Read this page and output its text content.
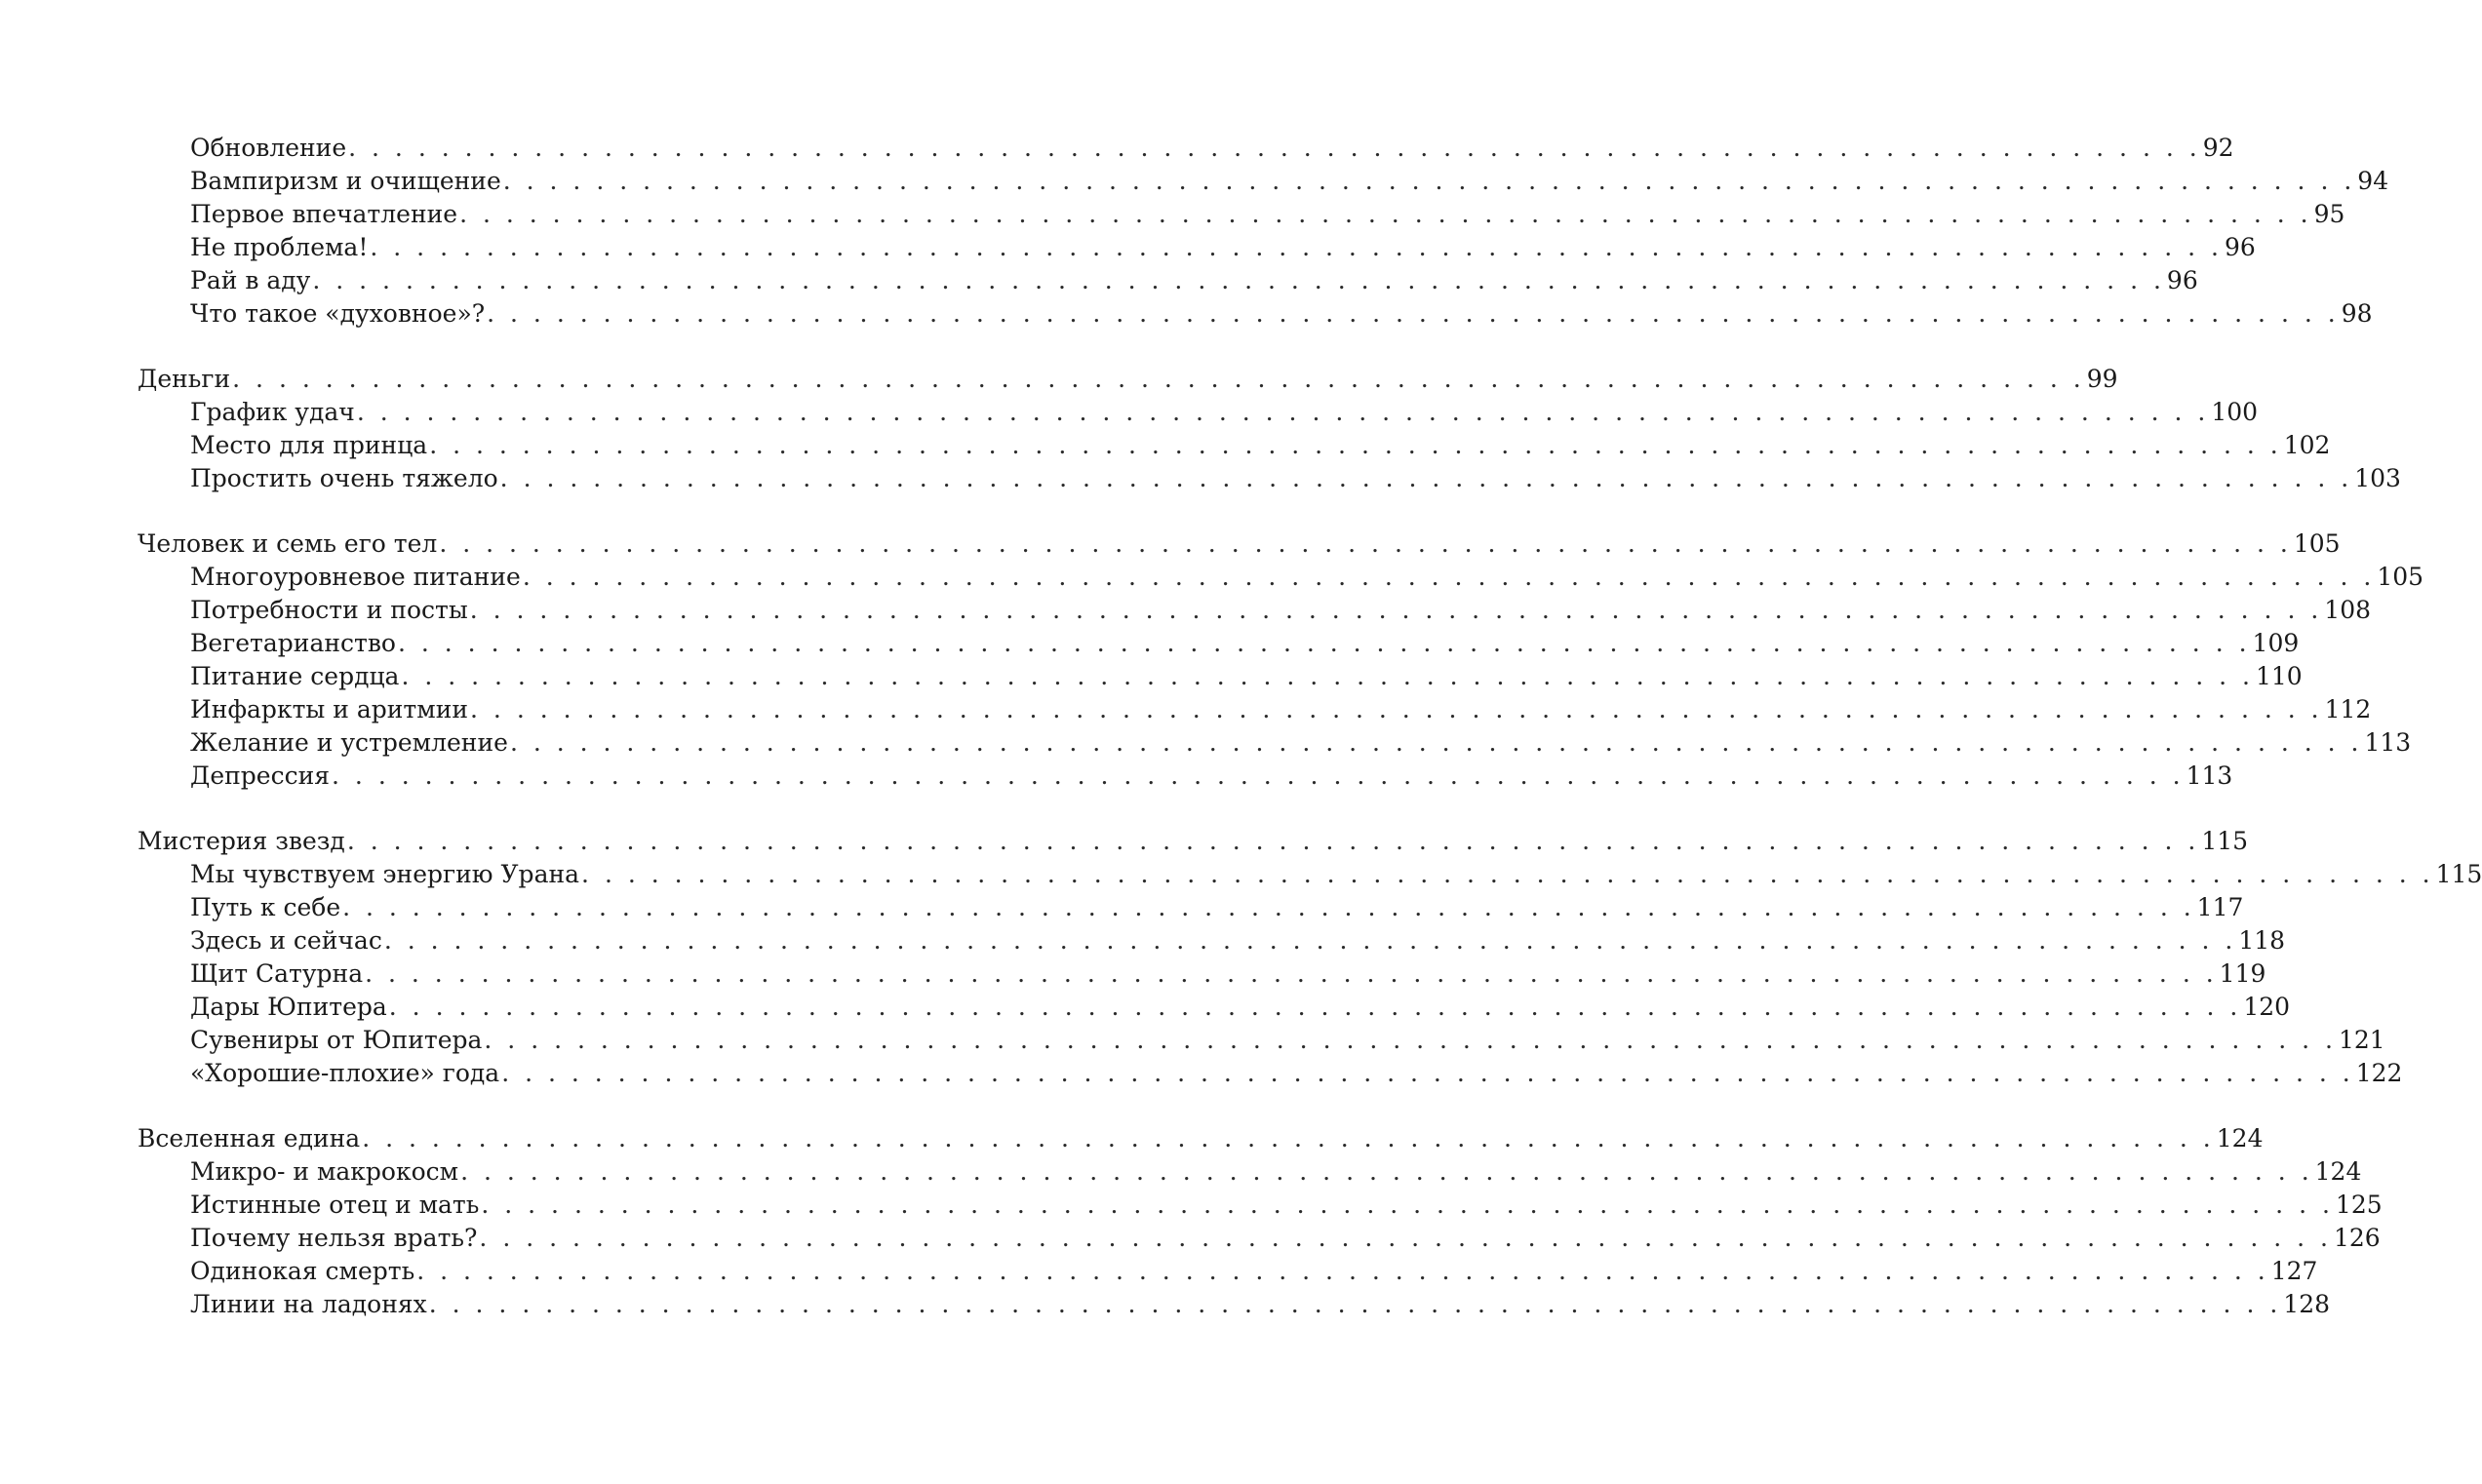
Обновление . . . . . . . . . . . . . . . . . . . . . . . . . . . . . . . . . . . . . . . . . . . . . . . . . . . . . . . . . . . . . . . . . . . . . . . . . . . . . . . . 92
Вампиризм и очищение . . . . . . . . . . . . . . . . . . . . . . . . . . . . . . . . . . . . . . . . . . . . . . . . . . . . . . . . . . . . . . . . . . . . . . . . . . . . . . . . 94
Первое впечатление . . . . . . . . . . . . . . . . . . . . . . . . . . . . . . . . . . . . . . . . . . . . . . . . . . . . . . . . . . . . . . . . . . . . . . . . . . . . . . . . 95
Не проблема! . . . . . . . . . . . . . . . . . . . . . . . . . . . . . . . . . . . . . . . . . . . . . . . . . . . . . . . . . . . . . . . . . . . . . . . . . . . . . . . . 96
Рай в аду . . . . . . . . . . . . . . . . . . . . . . . . . . . . . . . . . . . . . . . . . . . . . . . . . . . . . . . . . . . . . . . . . . . . . . . . . . . . . . . . 96
Что такое «духовное»? . . . . . . . . . . . . . . . . . . . . . . . . . . . . . . . . . . . . . . . . . . . . . . . . . . . . . . . . . . . . . . . . . . . . . . . . . . . . . . . . 98
Деньги . . . . . . . . . . . . . . . . . . . . . . . . . . . . . . . . . . . . . . . . . . . . . . . . . . . . . . . . . . . . . . . . . . . . . . . . . . . . . . . . 99
График удач . . . . . . . . . . . . . . . . . . . . . . . . . . . . . . . . . . . . . . . . . . . . . . . . . . . . . . . . . . . . . . . . . . . . . . . . . . . . . . . . 100
Место для принца . . . . . . . . . . . . . . . . . . . . . . . . . . . . . . . . . . . . . . . . . . . . . . . . . . . . . . . . . . . . . . . . . . . . . . . . . . . . . . . . 102
Простить очень тяжело . . . . . . . . . . . . . . . . . . . . . . . . . . . . . . . . . . . . . . . . . . . . . . . . . . . . . . . . . . . . . . . . . . . . . . . . . . . . . . . . 103
Человек и семь его тел . . . . . . . . . . . . . . . . . . . . . . . . . . . . . . . . . . . . . . . . . . . . . . . . . . . . . . . . . . . . . . . . . . . . . . . . . . . . . . . . 105
Многоуровневое питание . . . . . . . . . . . . . . . . . . . . . . . . . . . . . . . . . . . . . . . . . . . . . . . . . . . . . . . . . . . . . . . . . . . . . . . . . . . . . . . . 105
Потребности и посты . . . . . . . . . . . . . . . . . . . . . . . . . . . . . . . . . . . . . . . . . . . . . . . . . . . . . . . . . . . . . . . . . . . . . . . . . . . . . . . . 108
Вегетарианство . . . . . . . . . . . . . . . . . . . . . . . . . . . . . . . . . . . . . . . . . . . . . . . . . . . . . . . . . . . . . . . . . . . . . . . . . . . . . . . . 109
Питание сердца . . . . . . . . . . . . . . . . . . . . . . . . . . . . . . . . . . . . . . . . . . . . . . . . . . . . . . . . . . . . . . . . . . . . . . . . . . . . . . . . 110
Инфаркты и аритмии . . . . . . . . . . . . . . . . . . . . . . . . . . . . . . . . . . . . . . . . . . . . . . . . . . . . . . . . . . . . . . . . . . . . . . . . . . . . . . . . 112
Желание и устремление . . . . . . . . . . . . . . . . . . . . . . . . . . . . . . . . . . . . . . . . . . . . . . . . . . . . . . . . . . . . . . . . . . . . . . . . . . . . . . . . 113
Депрессия . . . . . . . . . . . . . . . . . . . . . . . . . . . . . . . . . . . . . . . . . . . . . . . . . . . . . . . . . . . . . . . . . . . . . . . . . . . . . . . . 113
Мистерия звезд . . . . . . . . . . . . . . . . . . . . . . . . . . . . . . . . . . . . . . . . . . . . . . . . . . . . . . . . . . . . . . . . . . . . . . . . . . . . . . . . 115
Мы чувствуем энергию Урана . . . . . . . . . . . . . . . . . . . . . . . . . . . . . . . . . . . . . . . . . . . . . . . . . . . . . . . . . . . . . . . . . . . . . . . . . . . . . . . . 115
Путь к себе . . . . . . . . . . . . . . . . . . . . . . . . . . . . . . . . . . . . . . . . . . . . . . . . . . . . . . . . . . . . . . . . . . . . . . . . . . . . . . . . 117
Здесь и сейчас . . . . . . . . . . . . . . . . . . . . . . . . . . . . . . . . . . . . . . . . . . . . . . . . . . . . . . . . . . . . . . . . . . . . . . . . . . . . . . . . 118
Щит Сатурна . . . . . . . . . . . . . . . . . . . . . . . . . . . . . . . . . . . . . . . . . . . . . . . . . . . . . . . . . . . . . . . . . . . . . . . . . . . . . . . . 119
Дары Юпитера . . . . . . . . . . . . . . . . . . . . . . . . . . . . . . . . . . . . . . . . . . . . . . . . . . . . . . . . . . . . . . . . . . . . . . . . . . . . . . . . 120
Сувениры от Юпитера . . . . . . . . . . . . . . . . . . . . . . . . . . . . . . . . . . . . . . . . . . . . . . . . . . . . . . . . . . . . . . . . . . . . . . . . . . . . . . . . 121
«Хорошие-плохие» года . . . . . . . . . . . . . . . . . . . . . . . . . . . . . . . . . . . . . . . . . . . . . . . . . . . . . . . . . . . . . . . . . . . . . . . . . . . . . . . . 122
Вселенная едина . . . . . . . . . . . . . . . . . . . . . . . . . . . . . . . . . . . . . . . . . . . . . . . . . . . . . . . . . . . . . . . . . . . . . . . . . . . . . . . . 124
Микро- и макрокосм . . . . . . . . . . . . . . . . . . . . . . . . . . . . . . . . . . . . . . . . . . . . . . . . . . . . . . . . . . . . . . . . . . . . . . . . . . . . . . . . 124
Истинные отец и мать . . . . . . . . . . . . . . . . . . . . . . . . . . . . . . . . . . . . . . . . . . . . . . . . . . . . . . . . . . . . . . . . . . . . . . . . . . . . . . . . 125
Почему нельзя врать? . . . . . . . . . . . . . . . . . . . . . . . . . . . . . . . . . . . . . . . . . . . . . . . . . . . . . . . . . . . . . . . . . . . . . . . . . . . . . . . . 126
Одинокая смерть . . . . . . . . . . . . . . . . . . . . . . . . . . . . . . . . . . . . . . . . . . . . . . . . . . . . . . . . . . . . . . . . . . . . . . . . . . . . . . . . 127
Линии на ладонях . . . . . . . . . . . . . . . . . . . . . . . . . . . . . . . . . . . . . . . . . . . . . . . . . . . . . . . . . . . . . . . . . . . . . . . . . . . . . . . . 128
